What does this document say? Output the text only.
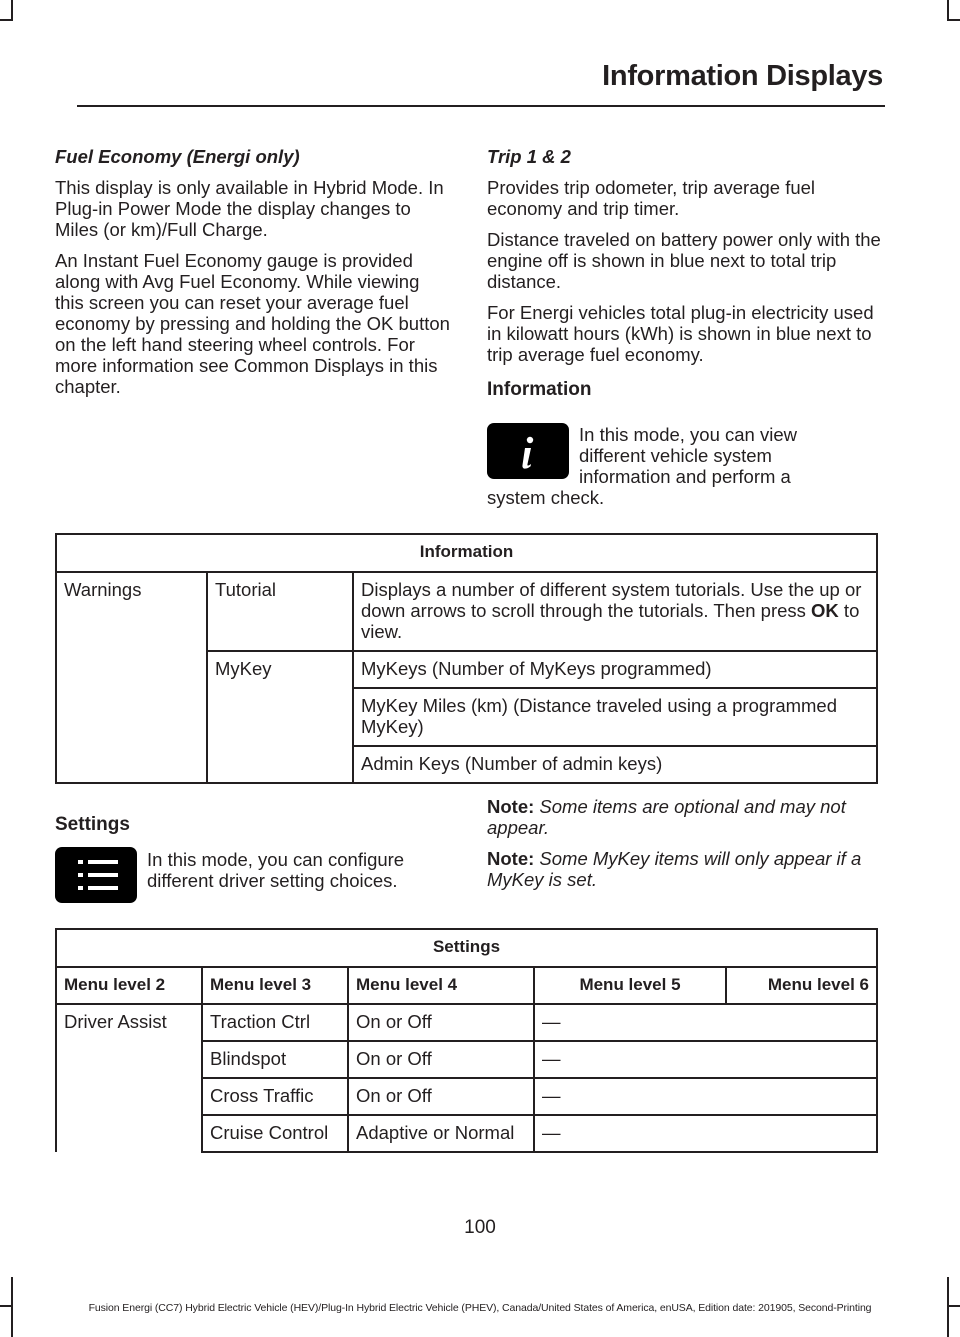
Information Displays

Fuel Economy (Energi only)

This display is only available in Hybrid Mode. In Plug-in Power Mode the display changes to Miles (or km)/Full Charge.

An Instant Fuel Economy gauge is provided along with Avg Fuel Economy. While viewing this screen you can reset your average fuel economy by pressing and holding the OK button on the left hand steering wheel controls. For more information see Common Displays in this chapter.

Trip 1 & 2

Provides trip odometer, trip average fuel economy and trip timer.

Distance traveled on battery power only with the engine off is shown in blue next to total trip distance.

For Energi vehicles total plug-in electricity used in kilowatt hours (kWh) is shown in blue next to trip average fuel economy.

Information

In this mode, you can view
different vehicle system
information and perform a
system check.
Information		
Warnings	Tutorial	Displays a number of different system tutorials. Use the up or down arrows to scroll through the tutorials. Then press OK to view.
	MyKey	MyKeys (Number of MyKeys programmed)
		MyKey Miles (km) (Distance traveled using a programmed MyKey)
		Admin Keys (Number of admin keys)

Settings

In this mode, you can configure different driver setting choices.

Note: Some items are optional and may not appear.

Note: Some MyKey items will only appear if a MyKey is set.

Settings				
Menu level 2	Menu level 3	Menu level 4	Menu level 5	Menu level 6
Driver Assist	Traction Ctrl	On or Off	—	
	Blindspot	On or Off	—	
	Cross Traffic	On or Off	—	
	Cruise Control	Adaptive or Normal	—	
100
Fusion Energi (CC7) Hybrid Electric Vehicle (HEV)/Plug-In Hybrid Electric Vehicle (PHEV), Canada/United States of America, enUSA, Edition date: 201905, Second-Printing
